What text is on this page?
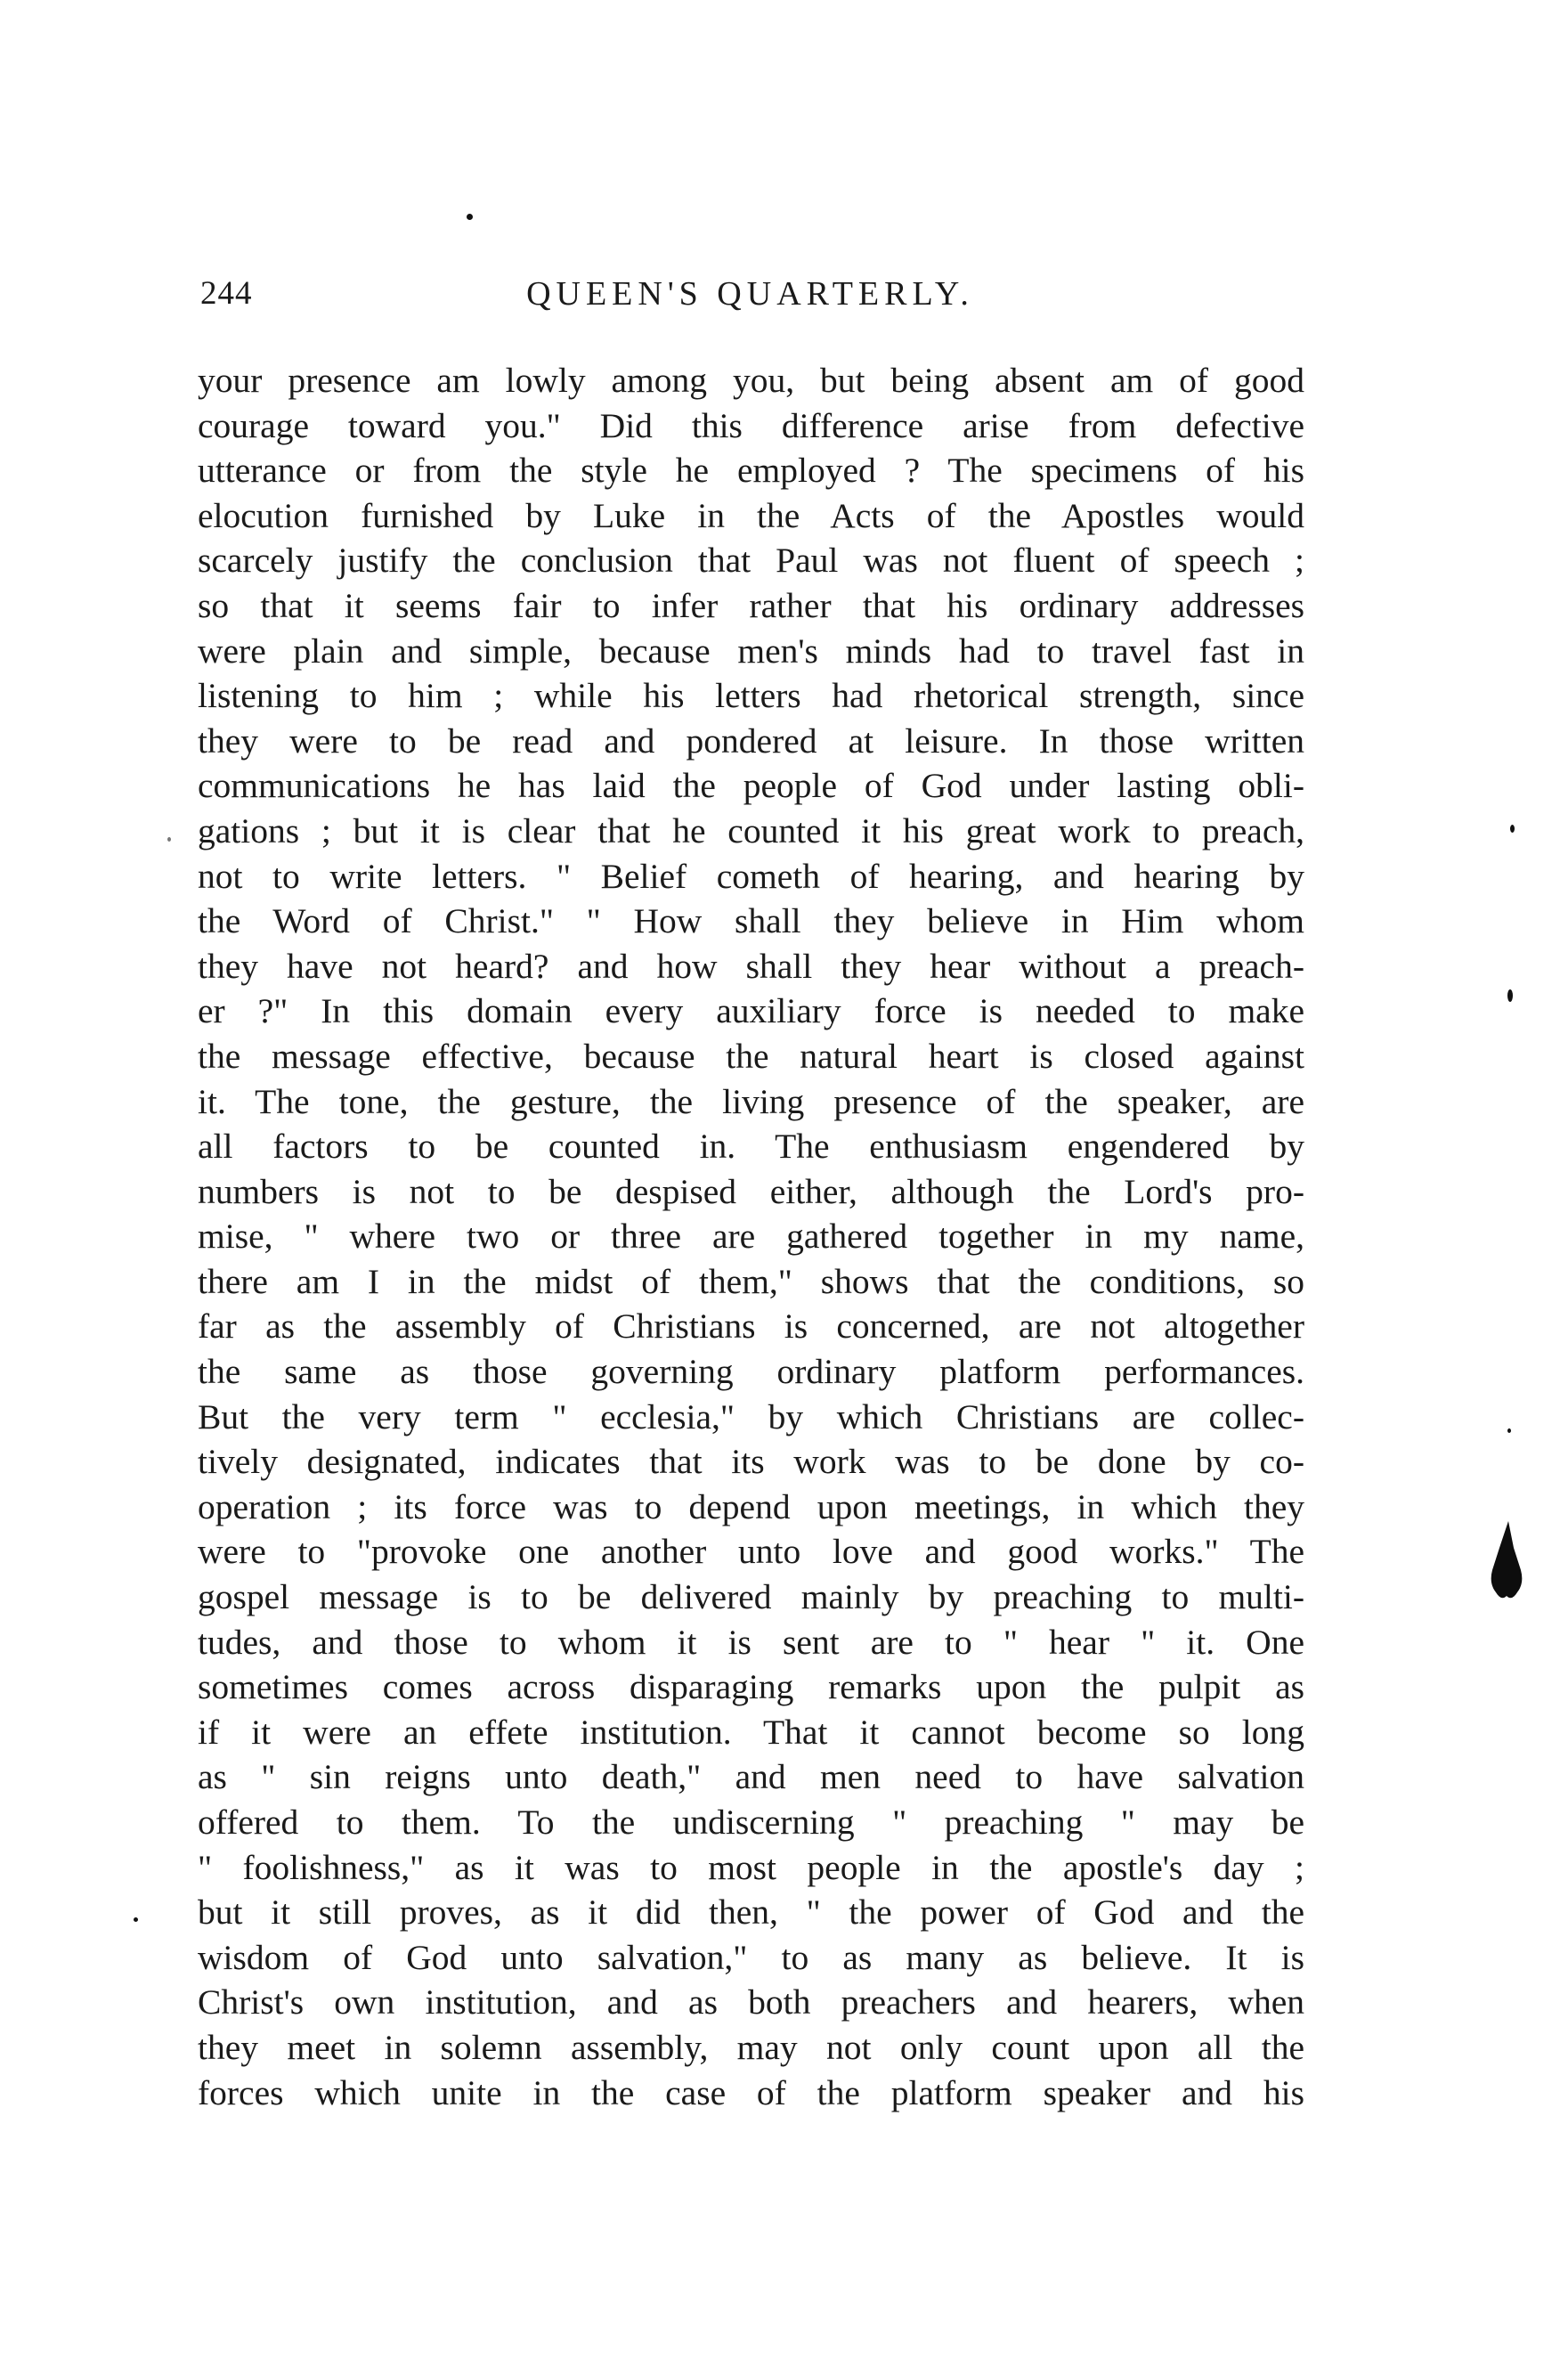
244	QUEEN'S QUARTERLY.
your presence am lowly among you, but being absent am of good
courage toward you." Did this difference arise from defective
utterance or from the style he employed ? The specimens of his
elocution furnished by Luke in the Acts of the Apostles would
scarcely justify the conclusion that Paul was not fluent of speech ;
so that it seems fair to infer rather that his ordinary addresses
were plain and simple, because men's minds had to travel fast in
listening to him ; while his letters had rhetorical strength, since
they were to be read and pondered at leisure. In those written
communications he has laid the people of God under lasting obli-
gations ; but it is clear that he counted it his great work to preach,
not to write letters. " Belief cometh of hearing, and hearing by
the Word of Christ." " How shall they believe in Him whom
they have not heard? and how shall they hear without a preach-
er ?" In this domain every auxiliary force is needed to make
the message effective, because the natural heart is closed against
it. The tone, the gesture, the living presence of the speaker, are
all factors to be counted in. The enthusiasm engendered by
numbers is not to be despised either, although the Lord's pro-
mise, " where two or three are gathered together in my name,
there am I in the midst of them," shows that the conditions, so
far as the assembly of Christians is concerned, are not altogether
the same as those governing ordinary platform performances.
But the very term " ecclesia," by which Christians are collec-
tively designated, indicates that its work was to be done by co-
operation ; its force was to depend upon meetings, in which they
were to "provoke one another unto love and good works." The
gospel message is to be delivered mainly by preaching to multi-
tudes, and those to whom it is sent are to " hear " it. One
sometimes comes across disparaging remarks upon the pulpit as
if it were an effete institution. That it cannot become so long
as " sin reigns unto death," and men need to have salvation
offered to them. To the undiscerning " preaching " may be
" foolishness," as it was to most people in the apostle's day ;
but it still proves, as it did then, " the power of God and the
wisdom of God unto salvation," to as many as believe. It is
Christ's own institution, and as both preachers and hearers, when
they meet in solemn assembly, may not only count upon all the
forces which unite in the case of the platform speaker and his
